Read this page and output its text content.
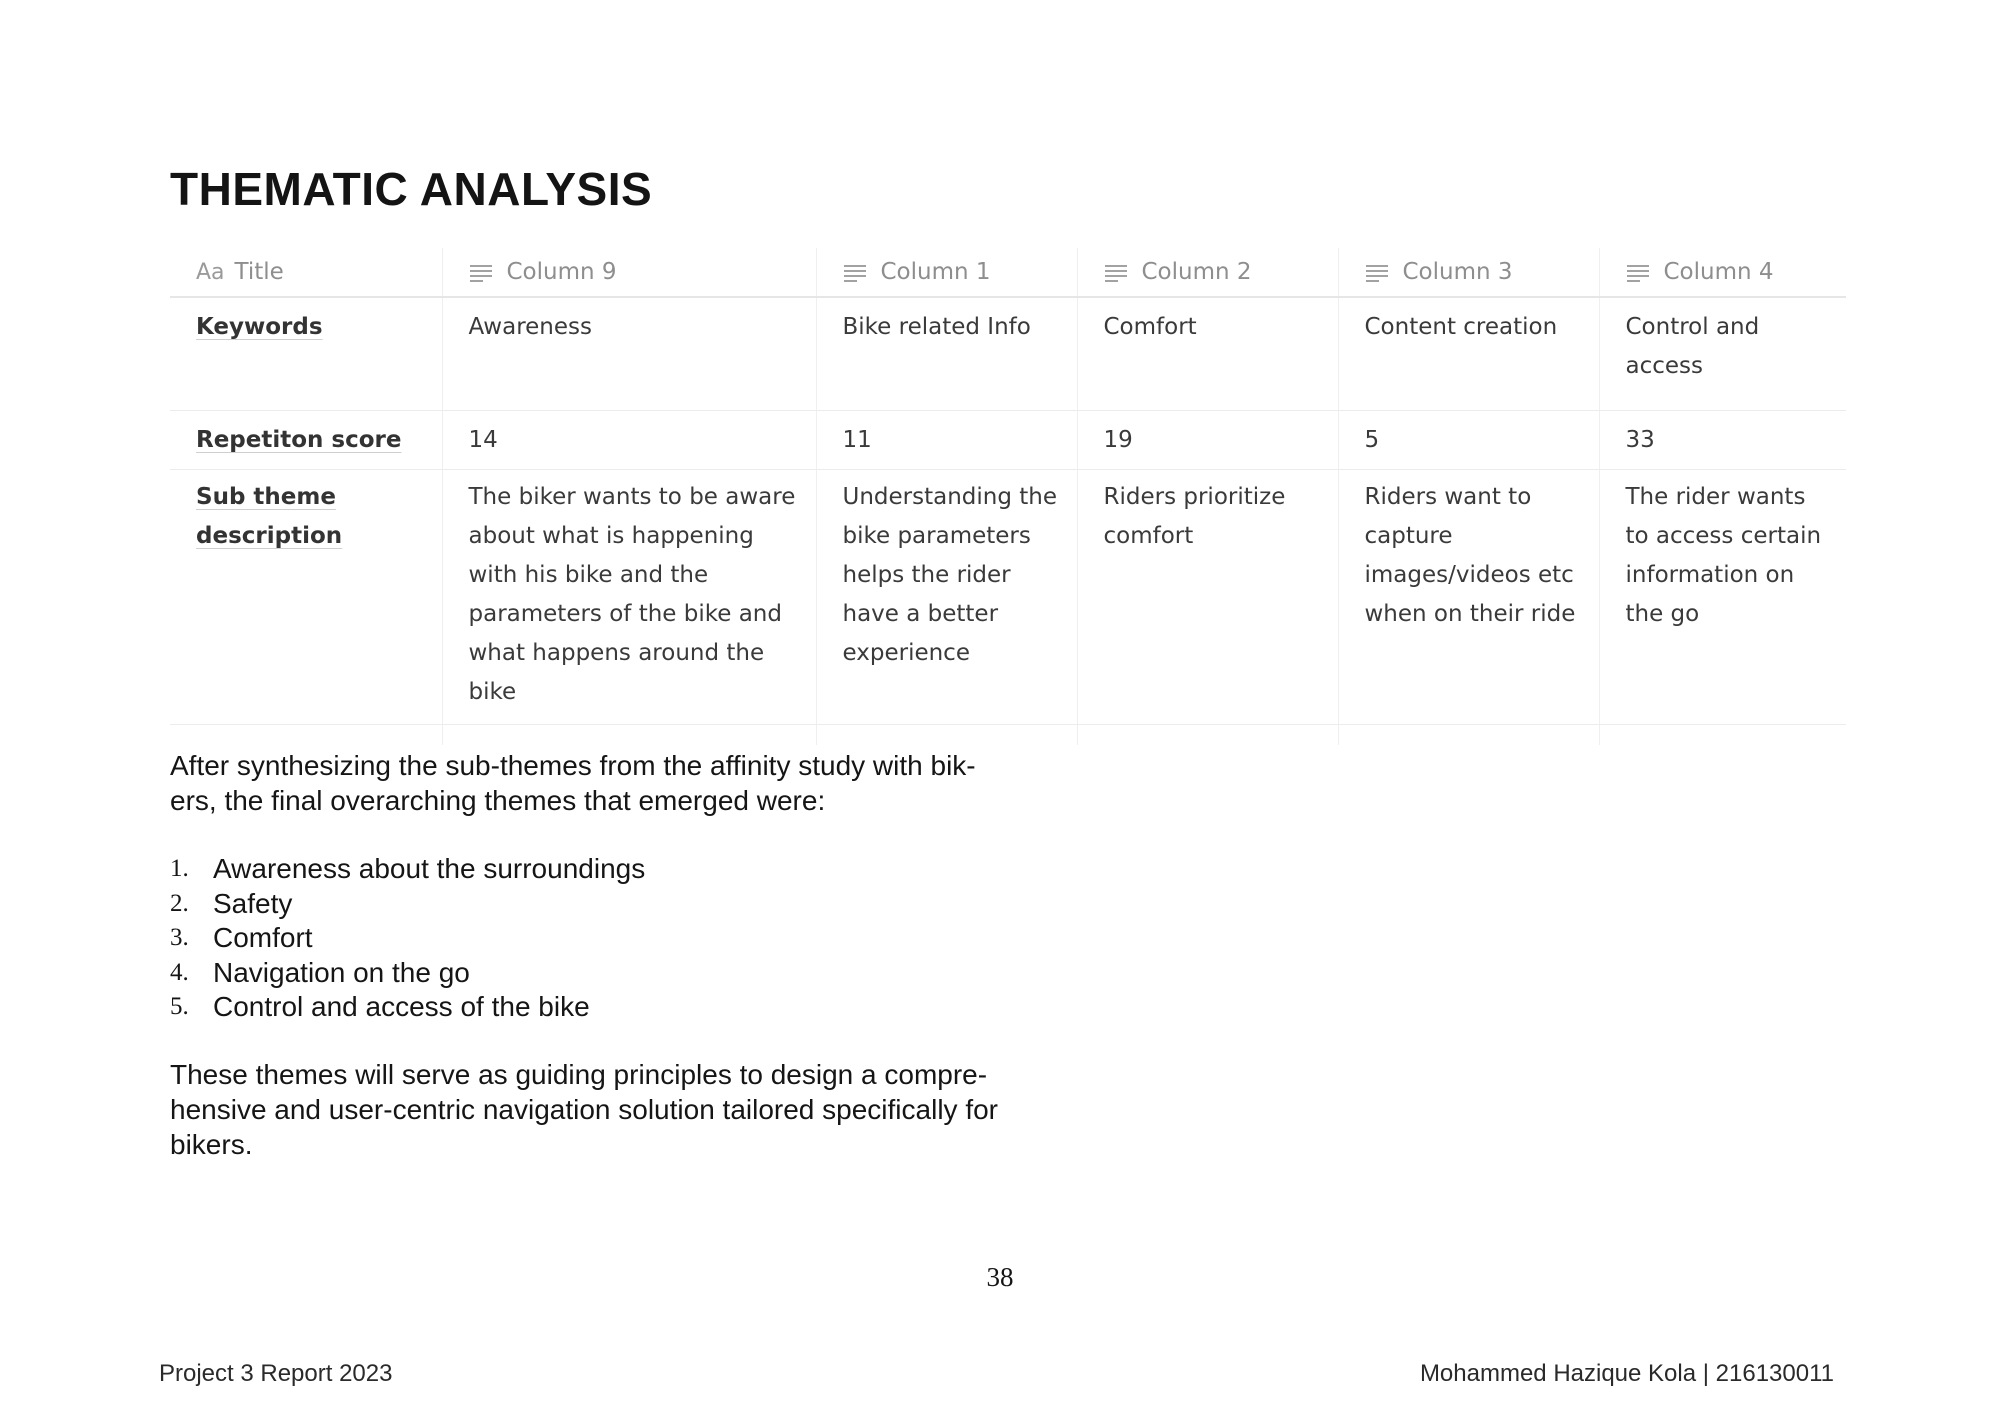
THEMATIC ANALYSIS
Aa Title	Column 9	Column 1	Column 2	Column 3	Column 4
Keywords	Awareness	Bike related Info	Comfort	Content creation	Control and access
Repetiton score	14	11	19	5	33
Sub theme description	The biker wants to be aware about what is happening with his bike and the parameters of the bike and what happens around the bike	Understanding the bike parameters helps the rider have a better experience	Riders prioritize comfort	Riders want to capture images/videos etc when on their ride	The rider wants to access certain information on the go

After synthesizing the sub-themes from the affinity study with bik- ers, the final overarching themes that emerged were:
1. Awareness about the surroundings
2. Safety
3. Comfort
4. Navigation on the go
5. Control and access of the bike
These themes will serve as guiding principles to design a compre- hensive and user-centric navigation solution tailored specifically for bikers.
38
Project 3 Report 2023	Mohammed Hazique Kola | 216130011
